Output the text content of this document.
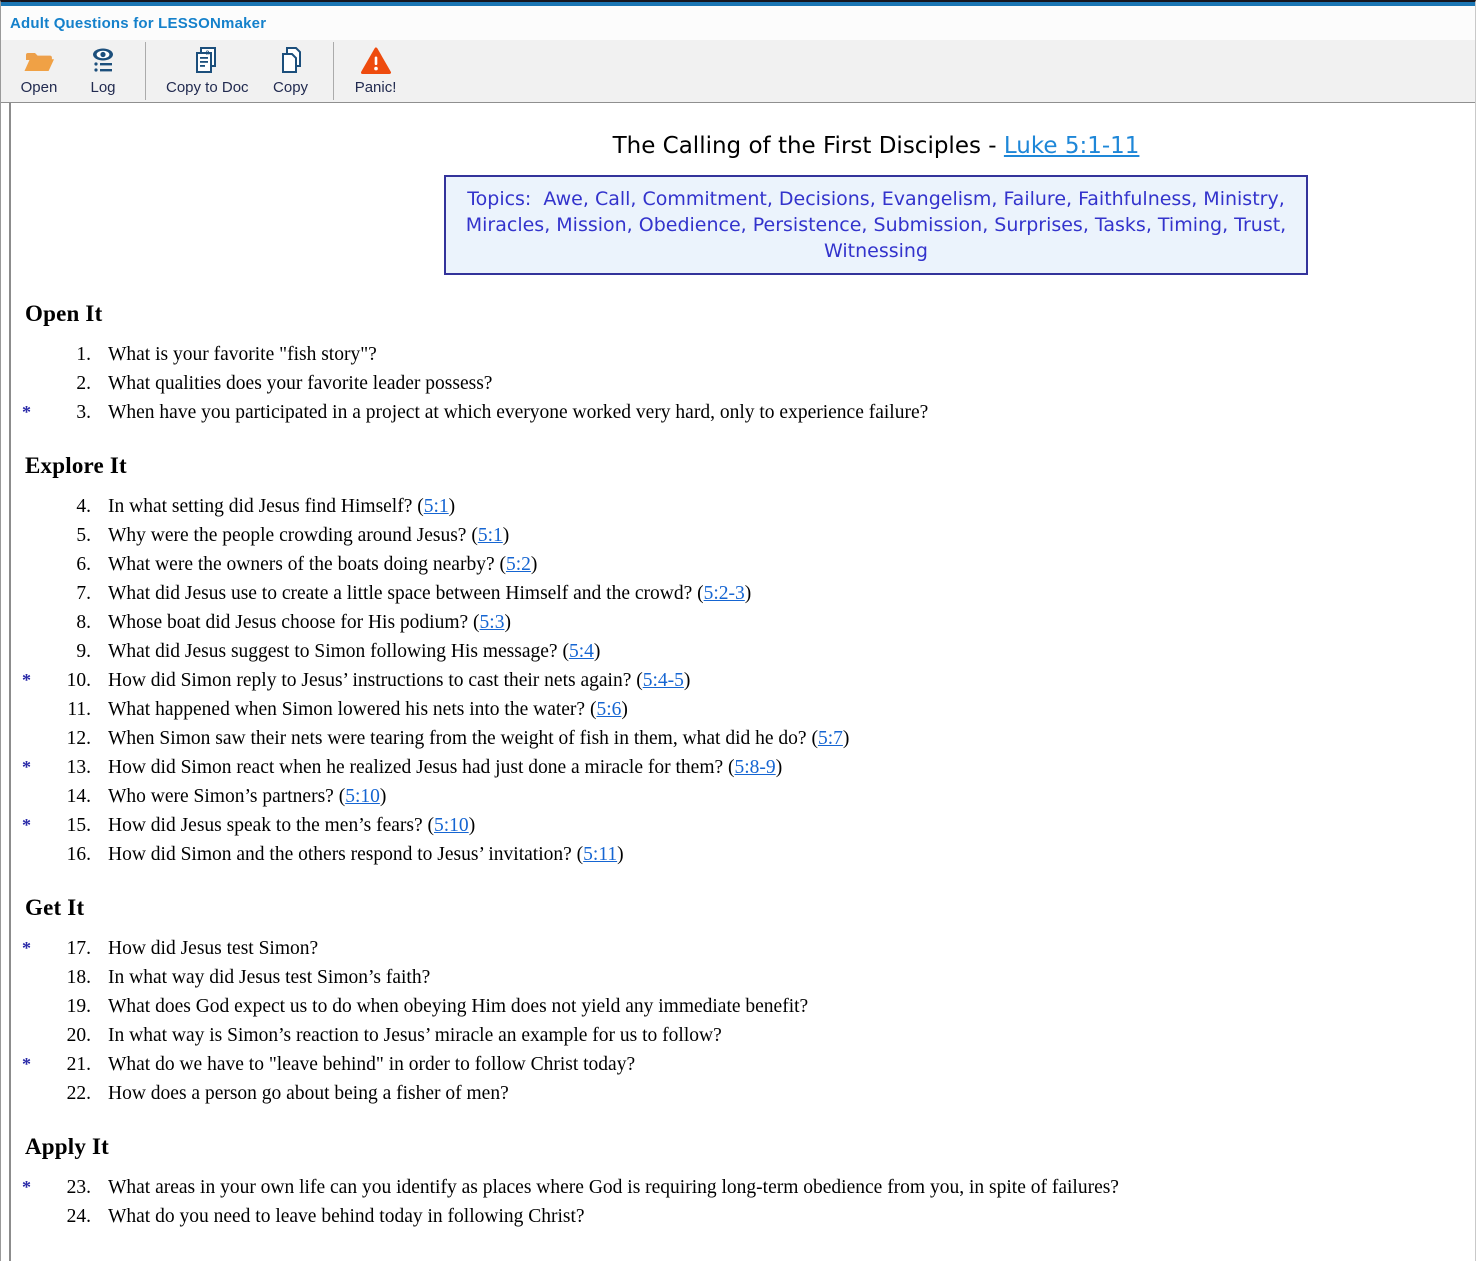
Adult Questions for LESSONmaker
Open Log
a
Copy to Doc Copy	Panic!
The Calling of the First Disciples - Luke 5:1-11
Topics:  Awe, Call, Commitment, Decisions, Evangelism, Failure, Faithfulness, Ministry, Miracles, Mission, Obedience, Persistence, Submission, Surprises, Tasks, Timing, Trust, Witnessing
Open It
1. What is your favorite "fish story"?
2. What qualities does your favorite leader possess?
*	3. When have you participated in a project at which everyone worked very hard, only to experience failure?
Explore It
4. In what setting did Jesus find Himself? (5:1)
5. Why were the people crowding around Jesus? (5:1)
6. What were the owners of the boats doing nearby? (5:2)
7. What did Jesus use to create a little space between Himself and the crowd? (5:2-3)
8. Whose boat did Jesus choose for His podium? (5:3)
9. What did Jesus suggest to Simon following His message? (5:4)
*	10. How did Simon reply to Jesus’ instructions to cast their nets again? (5:4-5)
11. What happened when Simon lowered his nets into the water? (5:6)
12. When Simon saw their nets were tearing from the weight of fish in them, what did he do? (5:7)
*	13. How did Simon react when he realized Jesus had just done a miracle for them? (5:8-9)
14. Who were Simon’s partners? (5:10)
*	15. How did Jesus speak to the men’s fears? (5:10)
16. How did Simon and the others respond to Jesus’ invitation? (5:11)
Get It
*	17. How did Jesus test Simon?
18. In what way did Jesus test Simon’s faith?
19. What does God expect us to do when obeying Him does not yield any immediate benefit?
20. In what way is Simon’s reaction to Jesus’ miracle an example for us to follow?
*	21. What do we have to "leave behind" in order to follow Christ today?
22. How does a person go about being a fisher of men?
Apply It
*	23. What areas in your own life can you identify as places where God is requiring long-term obedience from you, in spite of failures?
24. What do you need to leave behind today in following Christ?
